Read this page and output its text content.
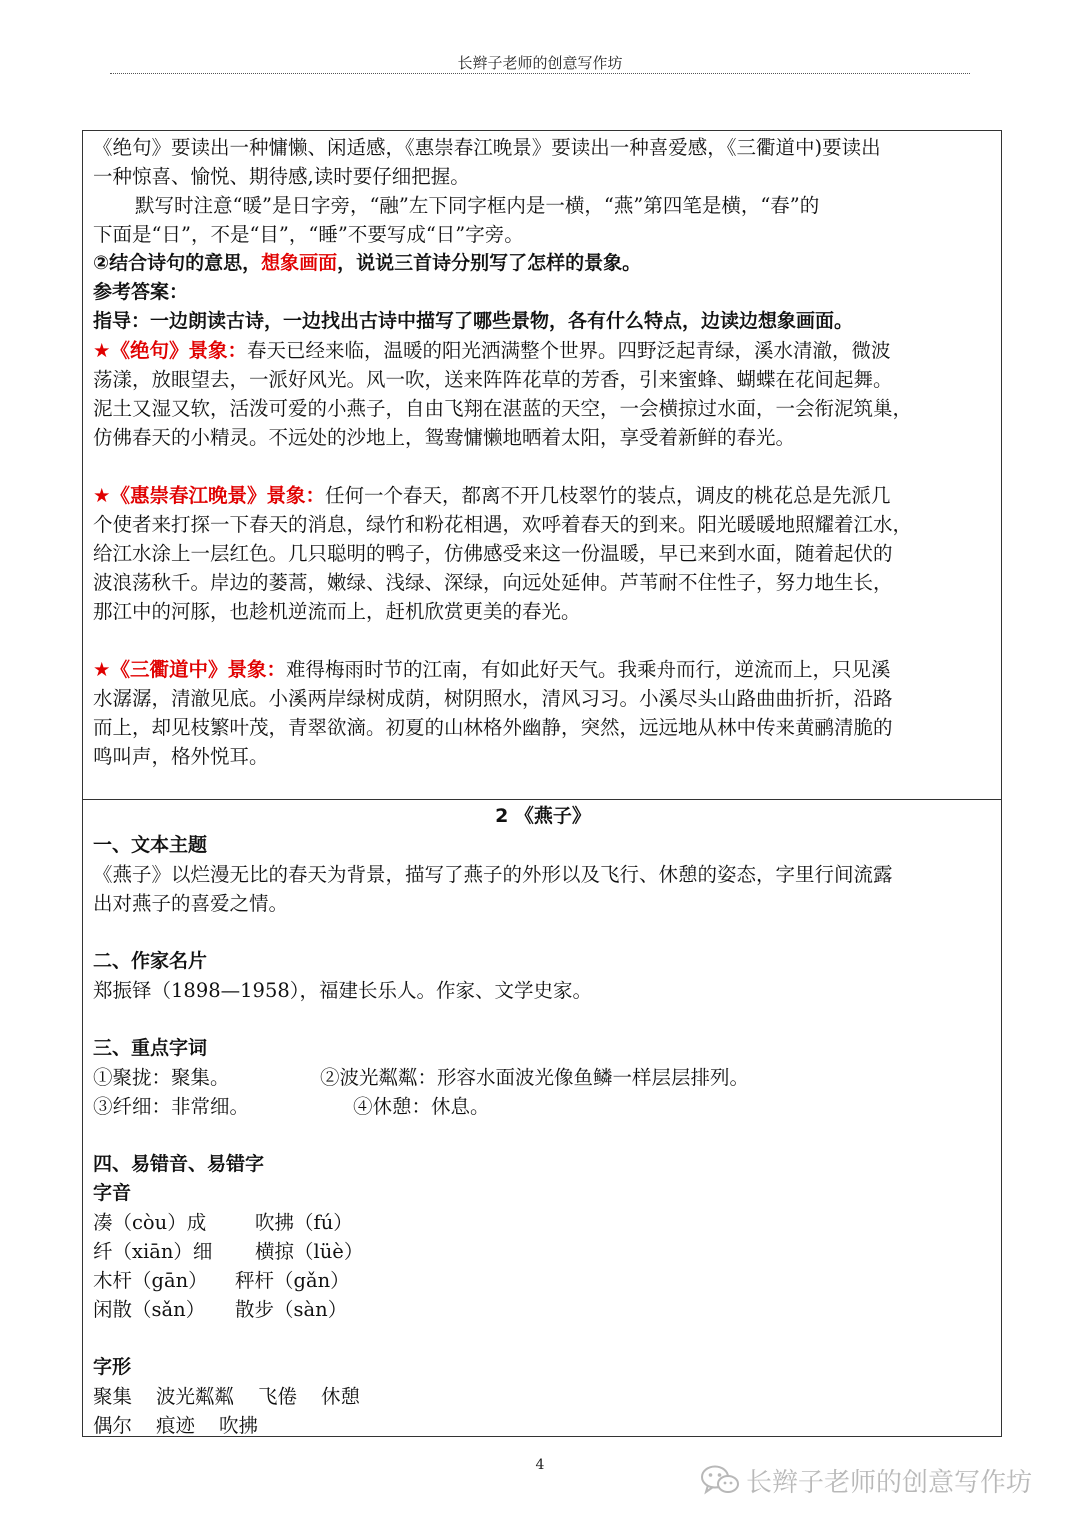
长辫子老师的创意写作坊
《绝句》要读出一种慵懒、闲适感，《惠崇春江晚景》要读出一种喜爱感，《三衢道中)要读出
一种惊喜、愉悦、期待感,读时要仔细把握。
默写时注意“暖”是日字旁，“融”左下同字框内是一横，“燕”第四笔是横，“春”的
下面是“日”，不是“目”，“睡”不要写成“日”字旁。
②结合诗句的意思，想象画面，说说三首诗分别写了怎样的景象。
参考答案：
指导：一边朗读古诗，一边找出古诗中描写了哪些景物，各有什么特点，边读边想象画面。
★《绝句》景象：春天已经来临，温暖的阳光洒满整个世界。四野泛起青绿，溪水清澈，微波
荡漾，放眼望去，一派好风光。风一吹，送来阵阵花草的芳香，引来蜜蜂、蝴蝶在花间起舞。
泥土又湿又软，活泼可爱的小燕子，自由飞翔在湛蓝的天空，一会横掠过水面，一会衔泥筑巢，
仿佛春天的小精灵。不远处的沙地上，鸳鸯慵懒地晒着太阳，享受着新鲜的春光。
★《惠崇春江晚景》景象：任何一个春天，都离不开几枝翠竹的装点，调皮的桃花总是先派几
个使者来打探一下春天的消息，绿竹和粉花相遇，欢呼着春天的到来。阳光暖暖地照耀着江水，
给江水涂上一层红色。几只聪明的鸭子，仿佛感受来这一份温暖，早已来到水面，随着起伏的
波浪荡秋千。岸边的蒌蒿，嫩绿、浅绿、深绿，向远处延伸。芦苇耐不住性子，努力地生长，
那江中的河豚，也趁机逆流而上，赶机欣赏更美的春光。
★《三衢道中》景象：难得梅雨时节的江南，有如此好天气。我乘舟而行，逆流而上，只见溪
水潺潺，清澈见底。小溪两岸绿树成荫，树阴照水，清风习习。小溪尽头山路曲曲折折，沿路
而上，却见枝繁叶茂，青翠欲滴。初夏的山林格外幽静，突然，远远地从林中传来黄鹂清脆的
鸣叫声，格外悦耳。
2 《燕子》
一、文本主题
《燕子》以烂漫无比的春天为背景，描写了燕子的外形以及飞行、休憩的姿态，字里行间流露
出对燕子的喜爱之情。
二、作家名片
郑振铎（1898—1958），福建长乐人。作家、文学史家。
三、重点字词
①聚拢：聚集。	②波光粼粼：形容水面波光像鱼鳞一样层层排列。
③纤细：非常细。	④休憩：休息。
四、易错音、易错字
字音
凑（còu）成	吹拂（fú）
纤（xiān）细	横掠（lüè）
木杆（gān）	秤杆（gǎn）
闲散（sǎn）	散步（sàn）
字形
聚集 波光粼粼 飞倦 休憩
偶尔 痕迹 吹拂
4
长辫子老师的创意写作坊
